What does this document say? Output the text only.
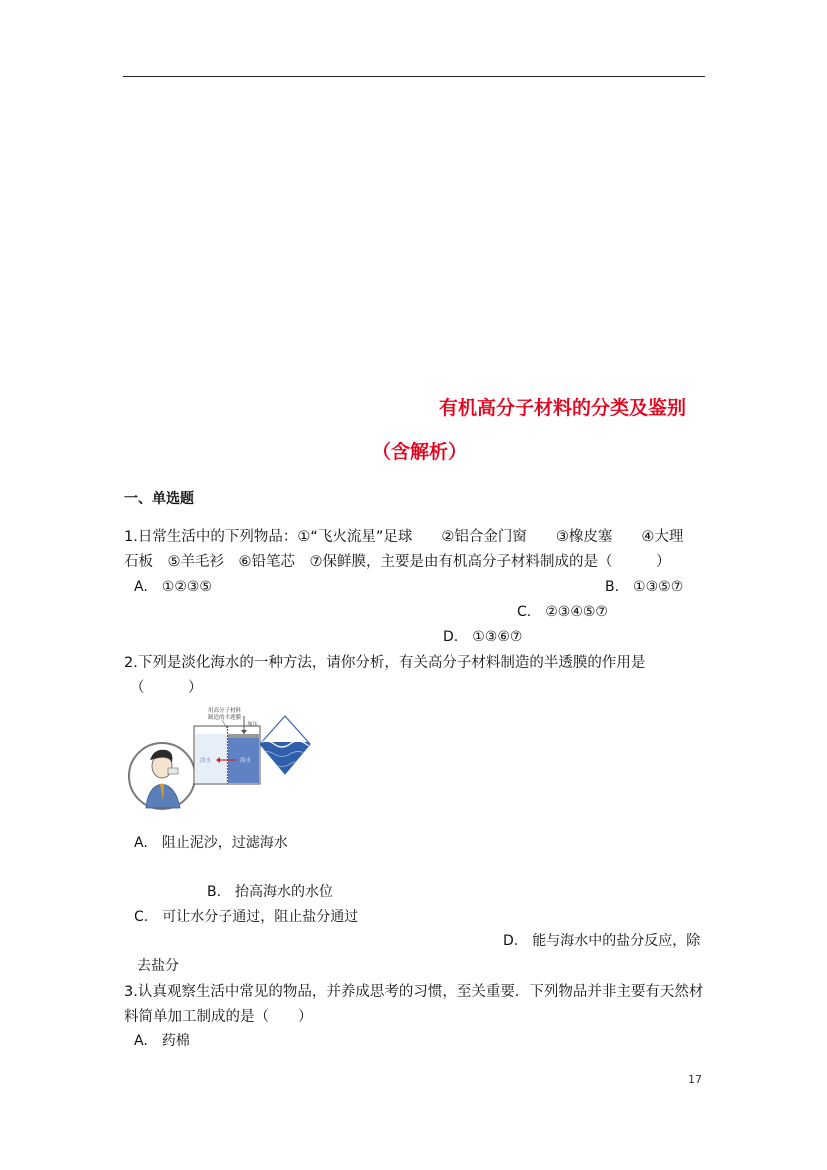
有机高分子材料的分类及鉴别
（含解析）
一、单选题
1.日常生活中的下列物品：①“飞火流星”足球　　②铝合金门窗　　③橡皮塞　　④大理
石板　⑤羊毛衫　⑥铅笔芯　⑦保鲜膜，主要是由有机高分子材料制成的是（　　　）
A.　①②③⑤	B.　①③⑤⑦
C.　②③④⑤⑦
D.　①③⑥⑦
2.下列是淡化海水的一种方法，请你分析，有关高分子材料制造的半透膜的作用是
（　　　）
用高分子材料
制造的半透膜
加压
淡水	海水
A.　阻止泥沙，过滤海水
B.　抬高海水的水位
C.　可让水分子通过，阻止盐分通过
D.　能与海水中的盐分反应，除
去盐分
3.认真观察生活中常见的物品，并养成思考的习惯，至关重要．下列物品并非主要有天然材
料简单加工制成的是（　　）
A.　药棉
17
